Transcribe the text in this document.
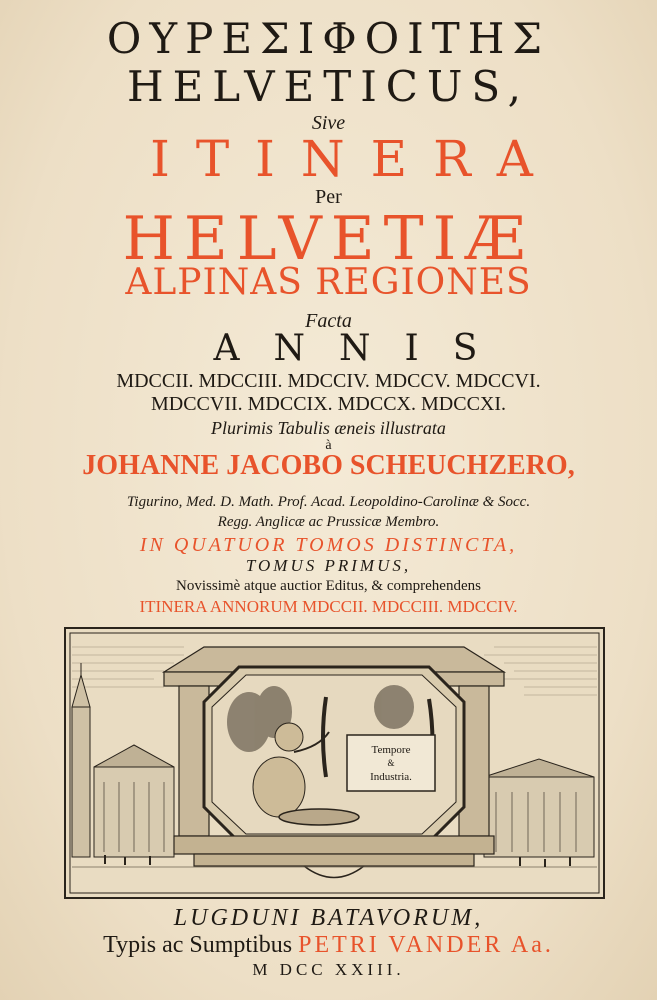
ΟΥΡΕΣΙΦΟΙΤΗΣ
HELVETICUS,
Sive
ITINERA
Per
HELVETIÆ
ALPINAS REGIONES
Facta
ANNIS
MDCCII. MDCCIII. MDCCIV. MDCCV. MDCCVI.
MDCCVII. MDCCIX. MDCCX. MDCCXI.
Plurimis Tabulis æneis illustrata
à
JOHANNE JACOBO SCHEUCHZERO,
Tigurino, Med. D. Math. Prof. Acad. Leopoldino-Carolinæ & Socc.
Regg. Anglicæ ac Prussicæ Membro.
IN QUATUOR TOMOS DISTINCTA,
TOMUS PRIMUS,
Novissimè atque auctior Editus, & comprehendens
ITINERA ANNORUM MDCCII. MDCCIII. MDCCIV.
Tempore
&
Industria.
LUGDUNI BATAVORUM,
Typis ac Sumptibus PETRI VANDER Aa.
M DCC XXIII.
